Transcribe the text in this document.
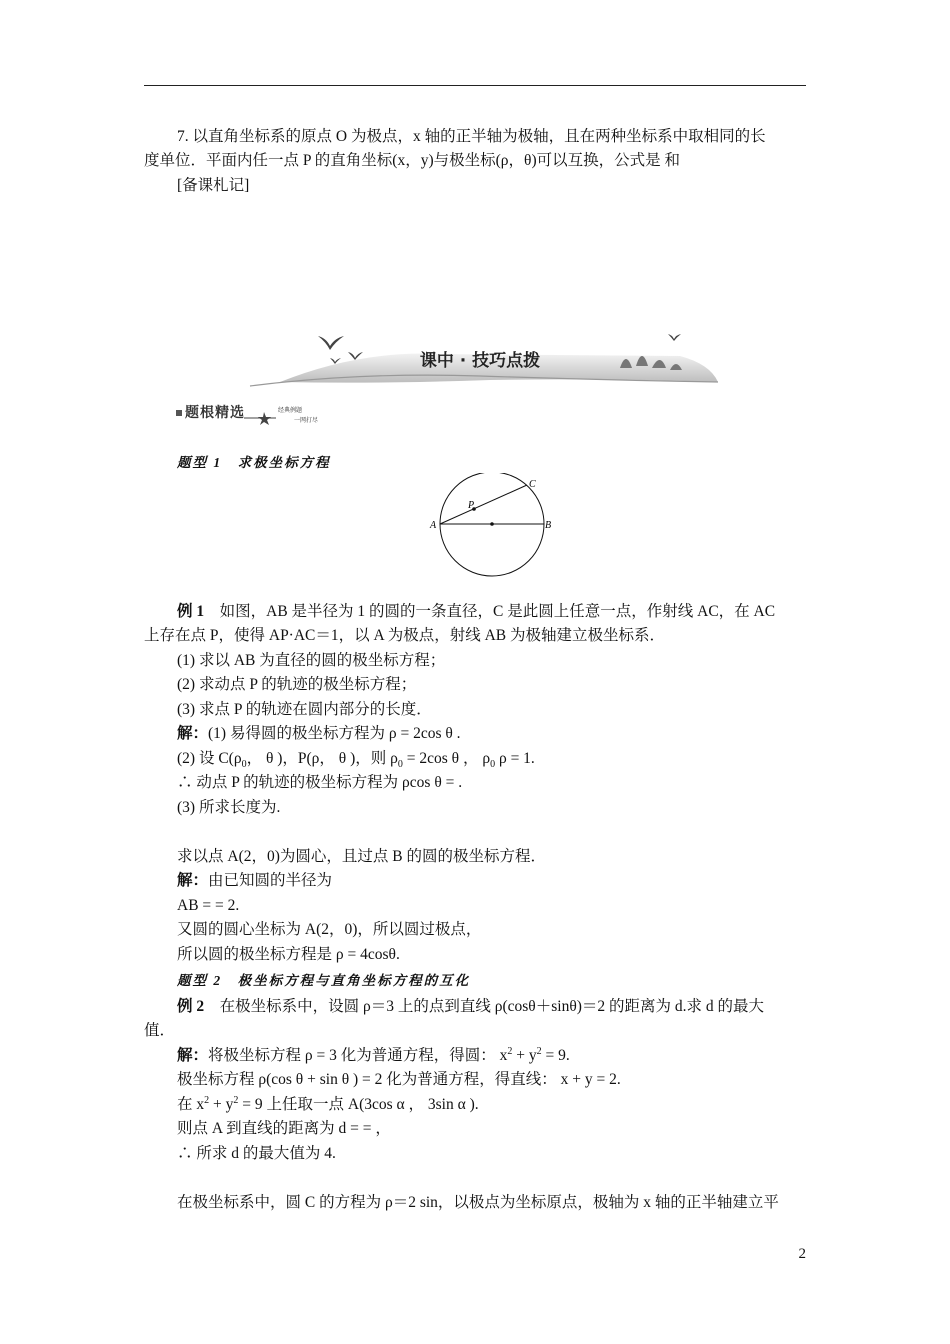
7. 以直角坐标系的原点 O 为极点，x 轴的正半轴为极轴，且在两种坐标系中取相同的长
度单位．平面内任一点 P 的直角坐标(x，y)与极坐标(ρ，θ)可以互换，公式是 和
[备课札记]
课中 · 技巧点拨
题根精选	经典例题
一网打尽
题型 1 求极坐标方程
A	B
C
P
例 1 如图，AB 是半径为 1 的圆的一条直径，C 是此圆上任意一点，作射线 AC，在 AC
上存在点 P，使得 AP·AC＝1，以 A 为极点，射线 AB 为极轴建立极坐标系．
(1) 求以 AB 为直径的圆的极坐标方程；
(2) 求动点 P 的轨迹的极坐标方程；
(3) 求点 P 的轨迹在圆内部分的长度．
解：(1) 易得圆的极坐标方程为 ρ = 2cos θ .
(2) 设 $C(\rho_0$， θ )，P(ρ， θ )，则 $\rho_0 = 2\cos$ θ ， $\rho_0$ ρ = 1.
∴ 动点 P 的轨迹的极坐标方程为 ρcos θ = .
(3) 所求长度为.
求以点 A(2，0)为圆心，且过点 B 的圆的极坐标方程．
解：由已知圆的半径为
AB = = 2.
又圆的圆心坐标为 A(2，0)，所以圆过极点，
所以圆的极坐标方程是 ρ = 4cosθ.
题型 2 极坐标方程与直角坐标方程的互化
例 2 在极坐标系中，设圆 ρ＝3 上的点到直线 ρ(cosθ＋sinθ)＝2 的距离为 d.求 d 的最大
值．
解：将极坐标方程 ρ = 3 化为普通方程，得圆： $x^2 + y^2 = 9$.
极坐标方程 ρ(cos θ + sin θ ) = 2 化为普通方程，得直线： x + y = 2.
在 $x^2 + y^2 = 9$ 上任取一点 A(3cos α ， 3sin α ).
则点 A 到直线的距离为 d = = ，
∴ 所求 d 的最大值为 4.
在极坐标系中，圆 C 的方程为 ρ＝2 sin，以极点为坐标原点，极轴为 x 轴的正半轴建立平
2
